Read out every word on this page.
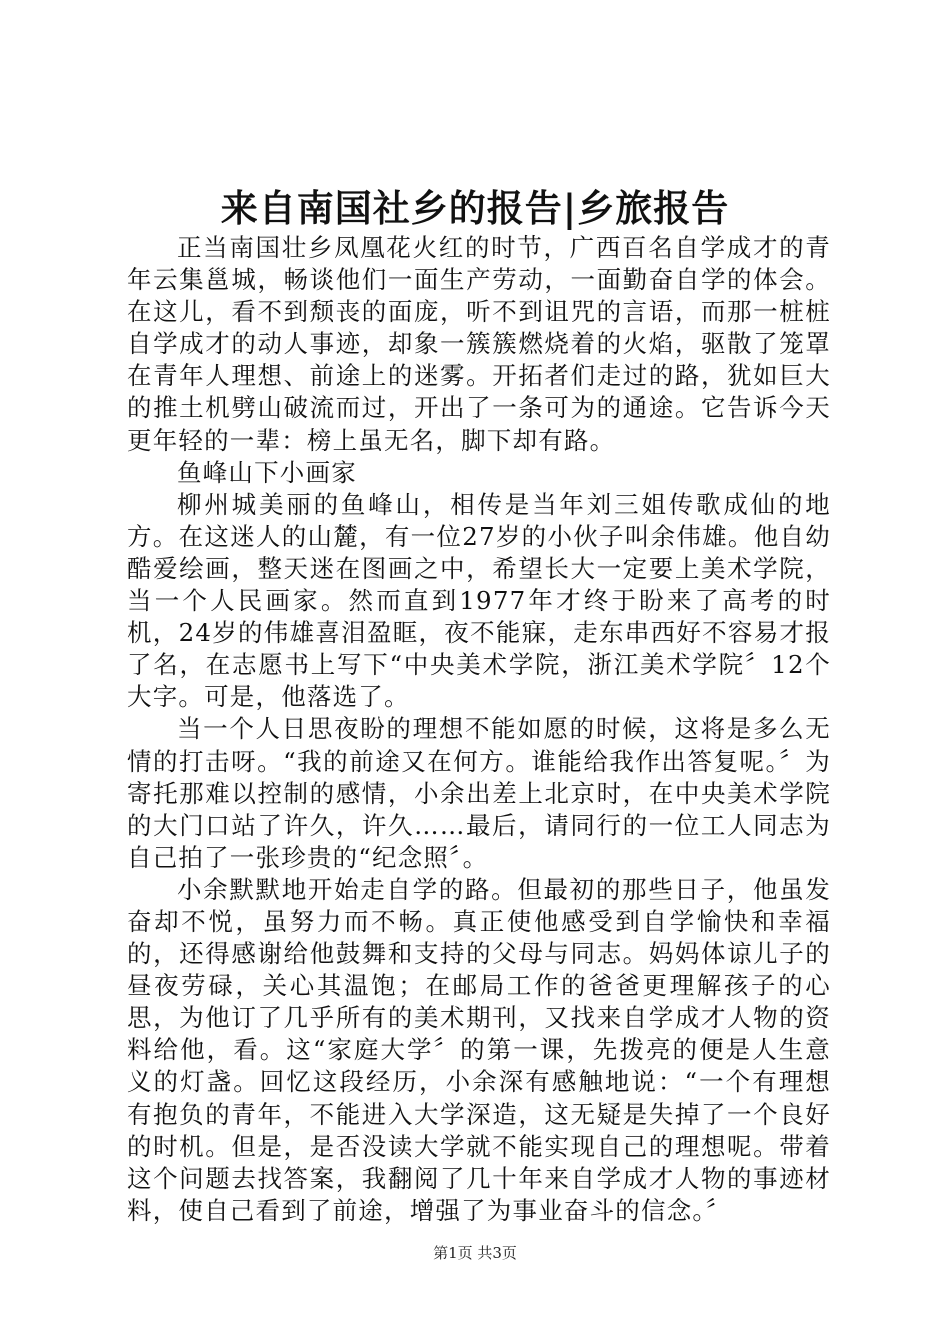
来自南国社乡的报告|乡旅报告

正当南国壮乡凤凰花火红的时节，广西百名自学成才的青年云集邕城，畅谈他们一面生产劳动，一面勤奋自学的体会。在这儿，看不到颓丧的面庞，听不到诅咒的言语，而那一桩桩自学成才的动人事迹，却象一簇簇燃烧着的火焰，驱散了笼罩在青年人理想、前途上的迷雾。开拓者们走过的路，犹如巨大的推土机劈山破流而过，开出了一条可为的通途。它告诉今天更年轻的一辈：榜上虽无名，脚下却有路。

鱼峰山下小画家

柳州城美丽的鱼峰山，相传是当年刘三姐传歌成仙的地方。在这迷人的山麓，有一位27岁的小伙子叫余伟雄。他自幼酷爱绘画，整天迷在图画之中，希望长大一定要上美术学院，当一个人民画家。然而直到1977年才终于盼来了高考的时机，24岁的伟雄喜泪盈眶，夜不能寐，走东串西好不容易才报了名，在志愿书上写下“中央美术学院，浙江美术学院〞12个大字。可是，他落选了。

当一个人日思夜盼的理想不能如愿的时候，这将是多么无情的打击呀。“我的前途又在何方。谁能给我作出答复呢。〞为寄托那难以控制的感情，小余出差上北京时，在中央美术学院的大门口站了许久，许久……最后，请同行的一位工人同志为自己拍了一张珍贵的“纪念照〞。

小余默默地开始走自学的路。但最初的那些日子，他虽发奋却不悦，虽努力而不畅。真正使他感受到自学愉快和幸福的，还得感谢给他鼓舞和支持的父母与同志。妈妈体谅儿子的昼夜劳碌，关心其温饱；在邮局工作的爸爸更理解孩子的心思，为他订了几乎所有的美术期刊，又找来自学成才人物的资料给他，看。这“家庭大学〞的第一课，先拨亮的便是人生意义的灯盏。回忆这段经历，小余深有感触地说：“一个有理想有抱负的青年，不能进入大学深造，这无疑是失掉了一个良好的时机。但是，是否没读大学就不能实现自己的理想呢。带着这个问题去找答案，我翻阅了几十年来自学成才人物的事迹材料，使自己看到了前途，增强了为事业奋斗的信念。〞

第1页 共3页
